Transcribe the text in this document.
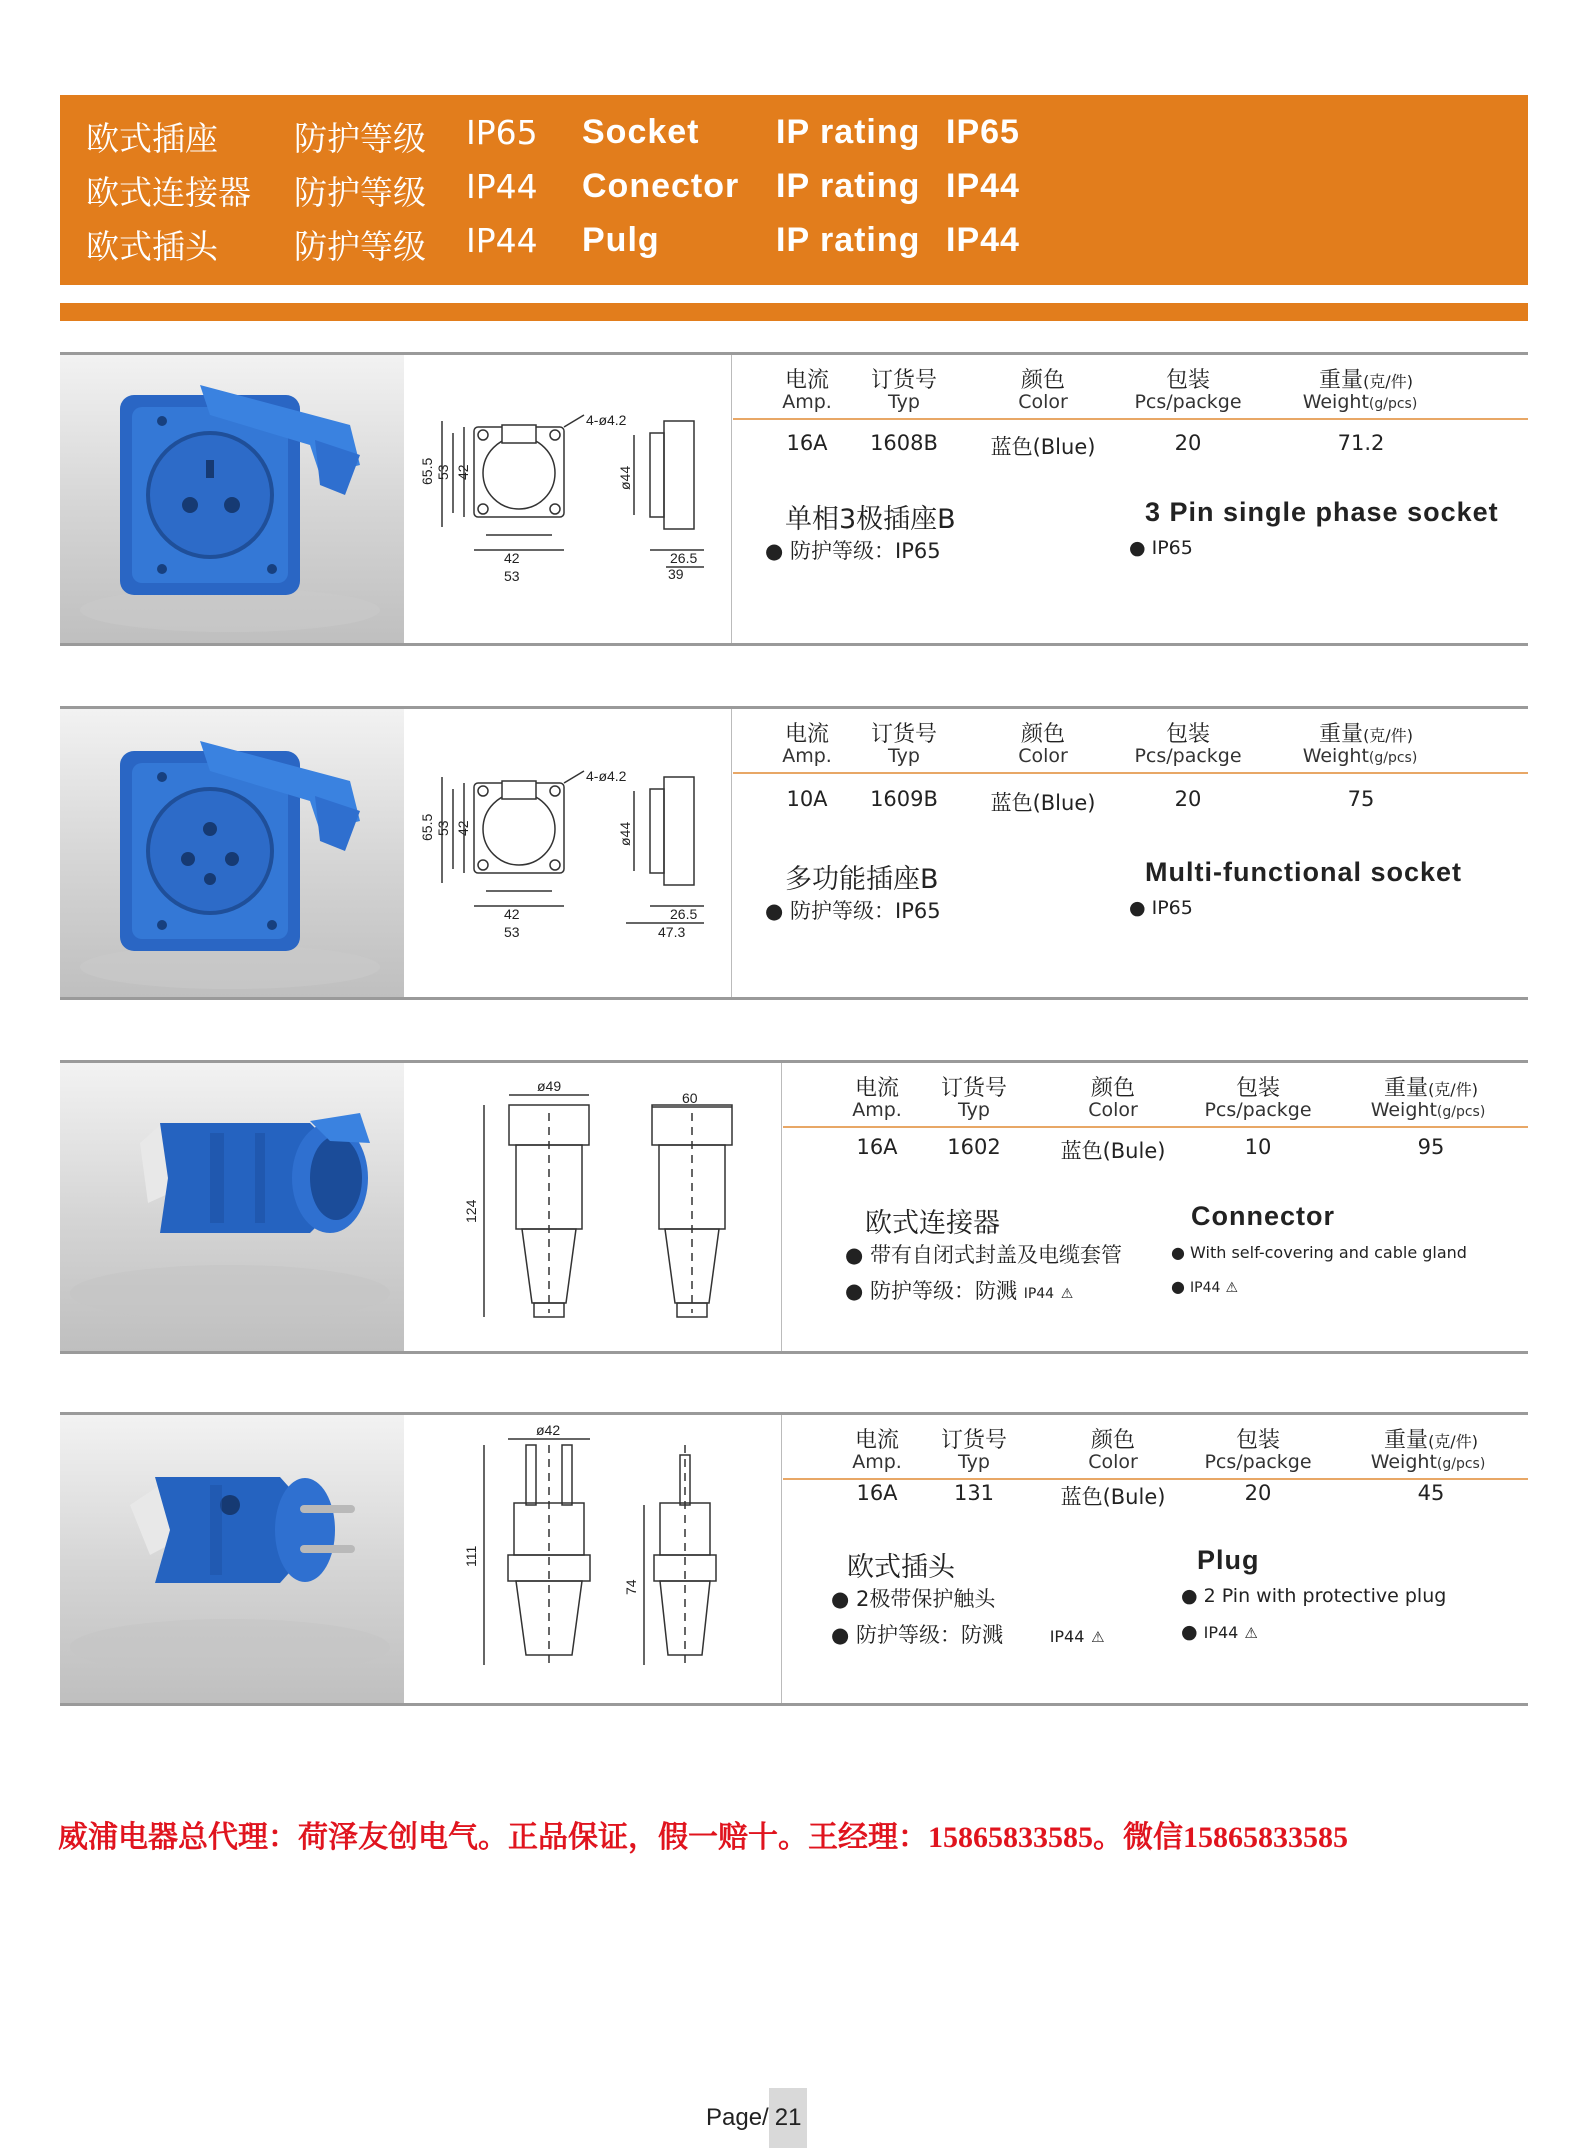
欧式插座 防护等级 IP65 Socket IP rating IP65
欧式连接器 防护等级 IP44 Conector IP rating IP44
欧式插头 防护等级 IP44 Pulg	IP rating IP44
4-ø4.2
65.5 53 42
42
53
ø44
26.5
39
电流 订货号	颜色	包装	重量(克/件)
Amp.	Typ	Color	Pcs/packge	Weight(g/pcs)
16A 1608B	蓝色(Blue)	20	71.2
单相3极插座B	3 Pin single phase socket
● 防护等级：IP65	● IP65
4-ø4.2
65.5 53 42
42
53
ø44
26.5
47.3
电流 订货号	颜色	包装	重量(克/件)
Amp.	Typ	Color	Pcs/packge	Weight(g/pcs)
10A 1609B	蓝色(Blue)	20	75
多功能插座B	Multi-functional socket
● 防护等级：IP65	● IP65
ø49
60
124
电流 订货号	颜色	包装	重量(克/件)
Amp.	Typ	Color	Pcs/packge	Weight(g/pcs)
16A 1602	蓝色(Bule)	10	95
欧式连接器	Connector
● 带有自闭式封盖及电缆套管	● With self-covering and cable gland
● 防护等级：防溅 IP44 ⚠	● IP44 ⚠
ø42
111
74
电流 订货号	颜色	包装	重量(克/件)
Amp.	Typ	Color	Pcs/packge	Weight(g/pcs)
16A	131	蓝色(Bule)	20	45
欧式插头	Plug
● 2极带保护触头	● 2 Pin with protective plug
● 防护等级：防溅	IP44 ⚠	● IP44 ⚠
威浦电器总代理：荷泽友创电气。正品保证，假一赔十。王经理：15865833585。微信15865833585
Page/ 21
